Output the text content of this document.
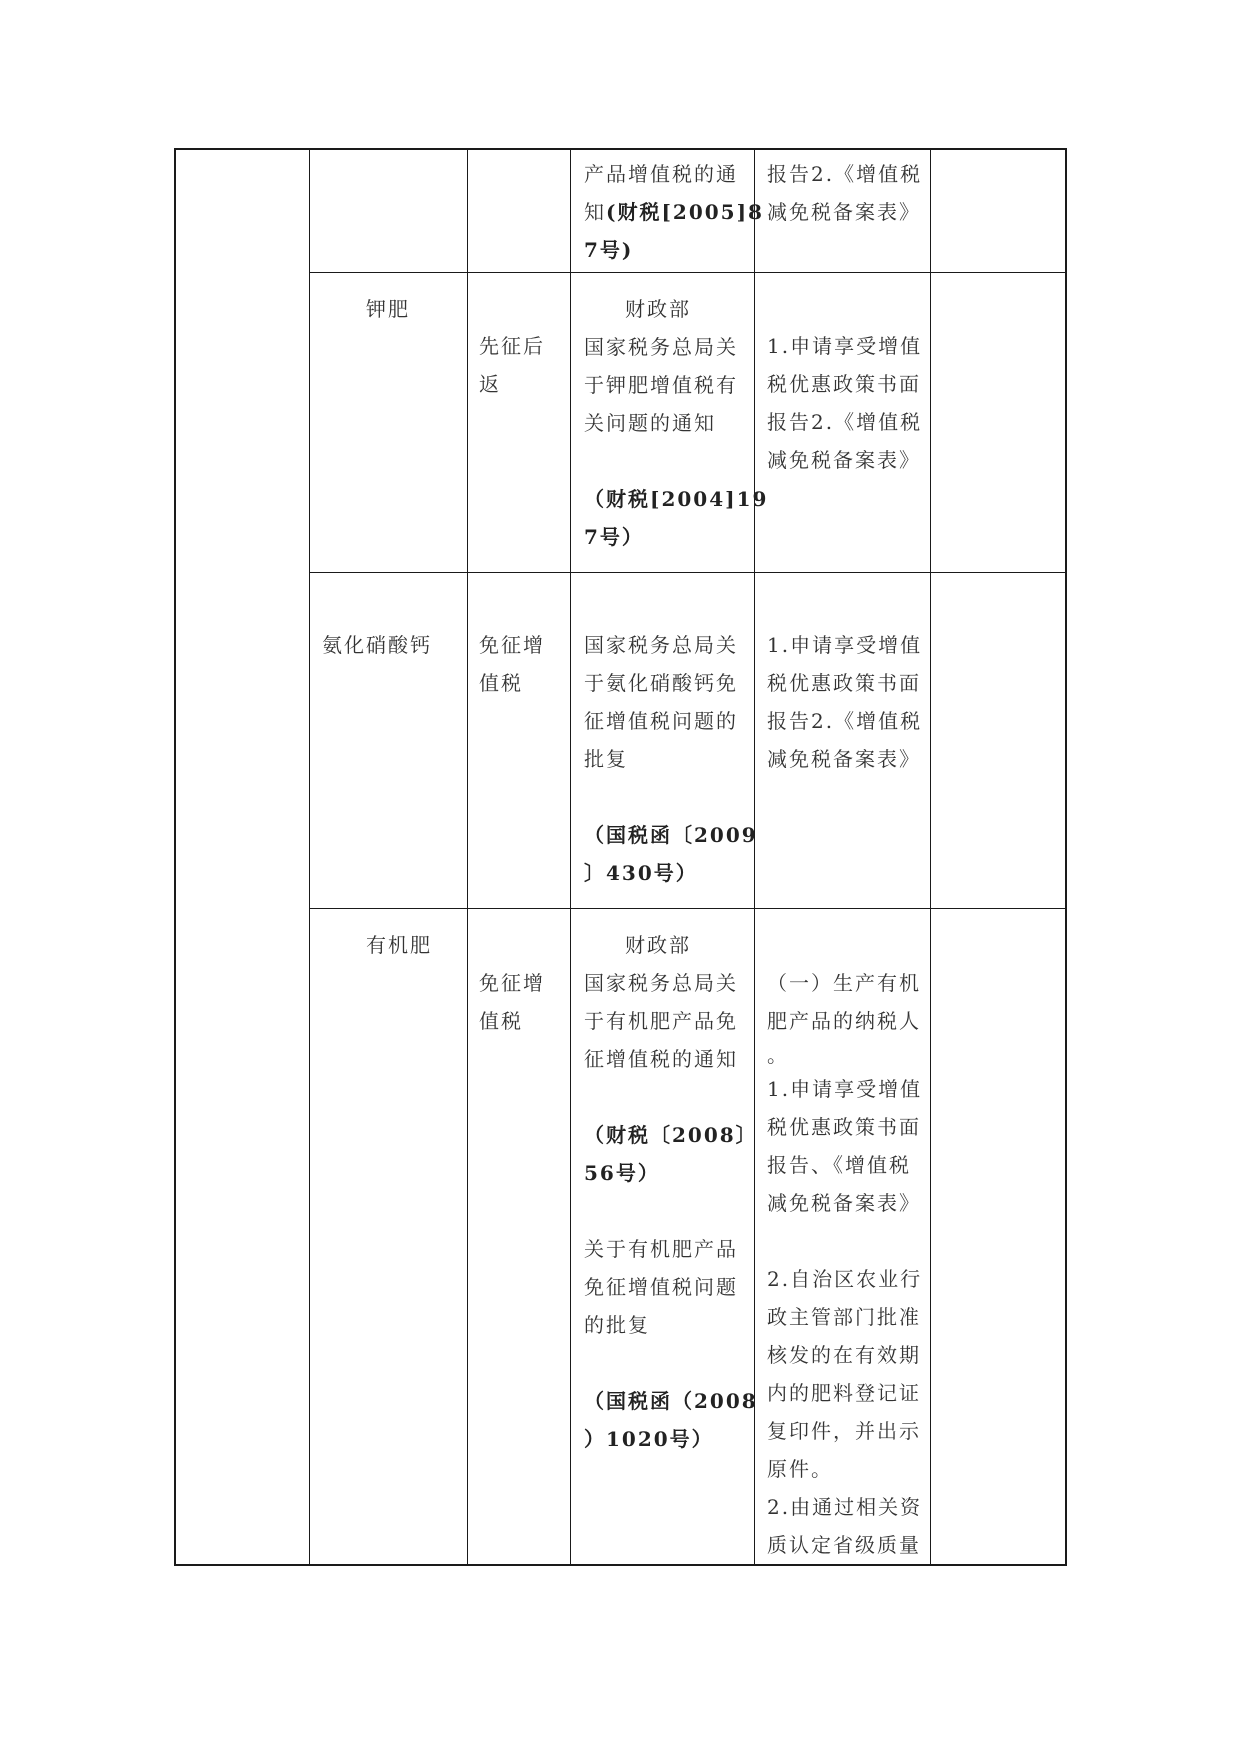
产品增值税的通
知(财税[2005]8
7号)
报告2.《增值税
减免税备案表》
钾肥
先征后
返
财政部
国家税务总局关
于钾肥增值税有
关问题的通知

（财税[2004]19
7号）
1.申请享受增值
税优惠政策书面
报告2.《增值税
减免税备案表》
氨化硝酸钙 免征增
值税
国家税务总局关
于氨化硝酸钙免
征增值税问题的
批复

（国税函〔2009
〕430号）
1.申请享受增值
税优惠政策书面
报告2.《增值税
减免税备案表》
有机肥
免征增
值税
财政部
国家税务总局关
于有机肥产品免
征增值税的通知

（财税〔2008〕
56号）

关于有机肥产品
免征增值税问题
的批复

（国税函（2008
）1020号）
（一）生产有机
肥产品的纳税人
。
1.申请享受增值
税优惠政策书面
报告、《增值税
减免税备案表》

2.自治区农业行
政主管部门批准
核发的在有效期
内的肥料登记证
复印件，并出示
原件。
2.由通过相关资
质认定省级质量
